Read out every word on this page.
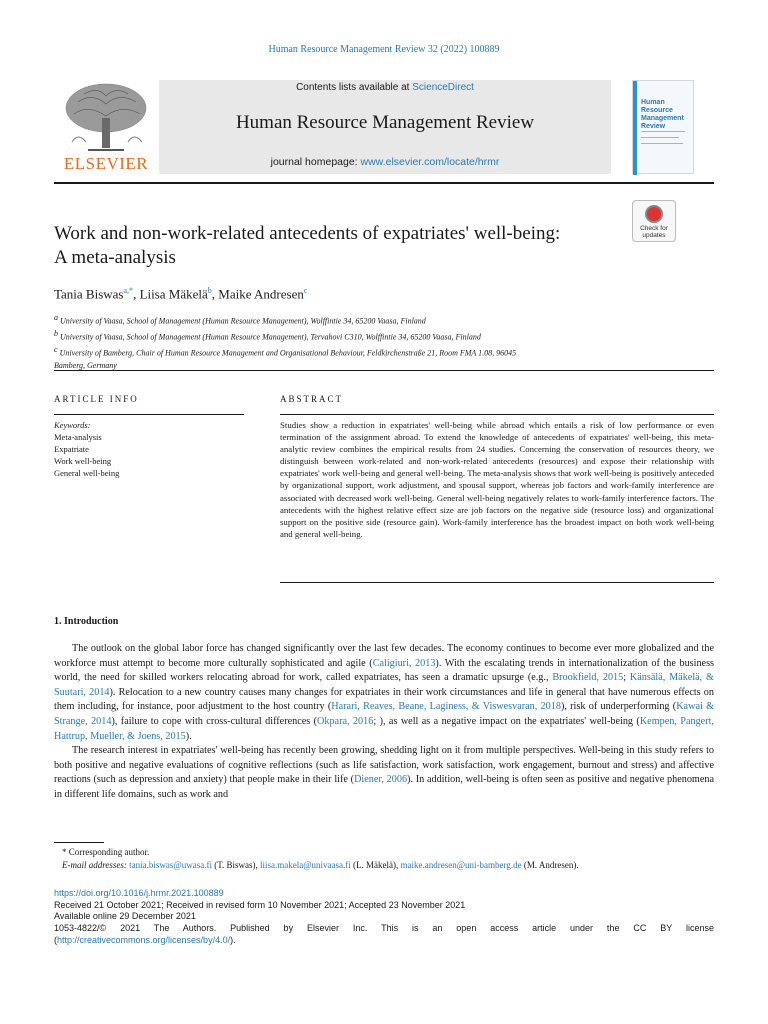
Human Resource Management Review 32 (2022) 100889
ELSEVIER
Contents lists available at ScienceDirect
Human Resource Management Review
journal homepage: www.elsevier.com/locate/hrmr
Human Resource Management Review
Work and non-work-related antecedents of expatriates' well-being:
A meta-analysis
Check for updates
Tania Biswas$^{a,*}$, Liisa Mäkelä$^b$, Maike Andresen$^c$
$^a$ University of Vaasa, School of Management (Human Resource Management), Wolffintie 34, 65200 Vaasa, Finland
$^b$ University of Vaasa, School of Management (Human Resource Management), Tervahovi C310, Wolffintie 34, 65200 Vaasa, Finland
$^c$ University of Bamberg, Chair of Human Resource Management and Organisational Behaviour, Feldkirchenstraße 21, Room FMA 1.08, 96045
Bamberg, Germany
ARTICLE INFO	ABSTRACT
Keywords:
Meta-analysis
Expatriate
Work well-being
General well-being
Studies show a reduction in expatriates' well-being while abroad which entails a risk of low performance or even termination of the assignment abroad. To extend the knowledge of antecedents of expatriates' well-being, this meta-analytic review combines the empirical results from 24 studies. Concerning the conservation of resources theory, we distinguish between work-related and non-work-related antecedents (resources) and expose their relationship with expatriates' work well-being and general well-being. The meta-analysis shows that work well-being is positively anteceded by organizational support, work adjustment, and spousal support, whereas job factors and work-family interference are associated with decreased work well-being. General well-being negatively relates to work-family interference factors. The antecedents with the highest relative effect size are job factors on the negative side (resource loss) and organizational support on the positive side (resource gain). Work-family interference has the broadest impact on both work well-being and general well-being.
1. Introduction

The outlook on the global labor force has changed significantly over the last few decades. The economy continues to become ever more globalized and the workforce must attempt to become more culturally sophisticated and agile (Caligiuri, 2013). With the escalating trends in internationalization of the business world, the need for skilled workers relocating abroad for work, called expatriates, has seen a dramatic upsurge (e.g., Brookfield, 2015; Känsälä, Mäkelä, & Suutari, 2014). Relocation to a new country causes many changes for expatriates in their work circumstances and life in general that have numerous effects on them including, for instance, poor adjustment to the host country (Harari, Reaves, Beane, Laginess, & Viswesvaran, 2018), risk of underperforming (Kawai & Strange, 2014), failure to cope with cross-cultural differences (Okpara, 2016; ), as well as a negative impact on the expatriates' well-being (Kempen, Pangert, Hattrup, Mueller, & Joens, 2015).

The research interest in expatriates' well-being has recently been growing, shedding light on it from multiple perspectives. Well-being in this study refers to both positive and negative evaluations of cognitive reflections (such as life satisfaction, work satisfaction, work engagement, burnout and stress) and affective reactions (such as depression and anxiety) that people make in their life (Diener, 2006). In addition, well-being is often seen as positive and negative phenomena in different life domains, such as work and

* Corresponding author.
E-mail addresses: tania.biswas@uwasa.fi (T. Biswas), liisa.makela@univaasa.fi (L. Mäkelä), maike.andresen@uni-bamberg.de (M. Andresen).
https://doi.org/10.1016/j.hrmr.2021.100889
Received 21 October 2021; Received in revised form 10 November 2021; Accepted 23 November 2021
Available online 29 December 2021
1053-4822/© 2021 The Authors. Published by Elsevier Inc. This is an open access article under the CC BY license
(http://creativecommons.org/licenses/by/4.0/).
